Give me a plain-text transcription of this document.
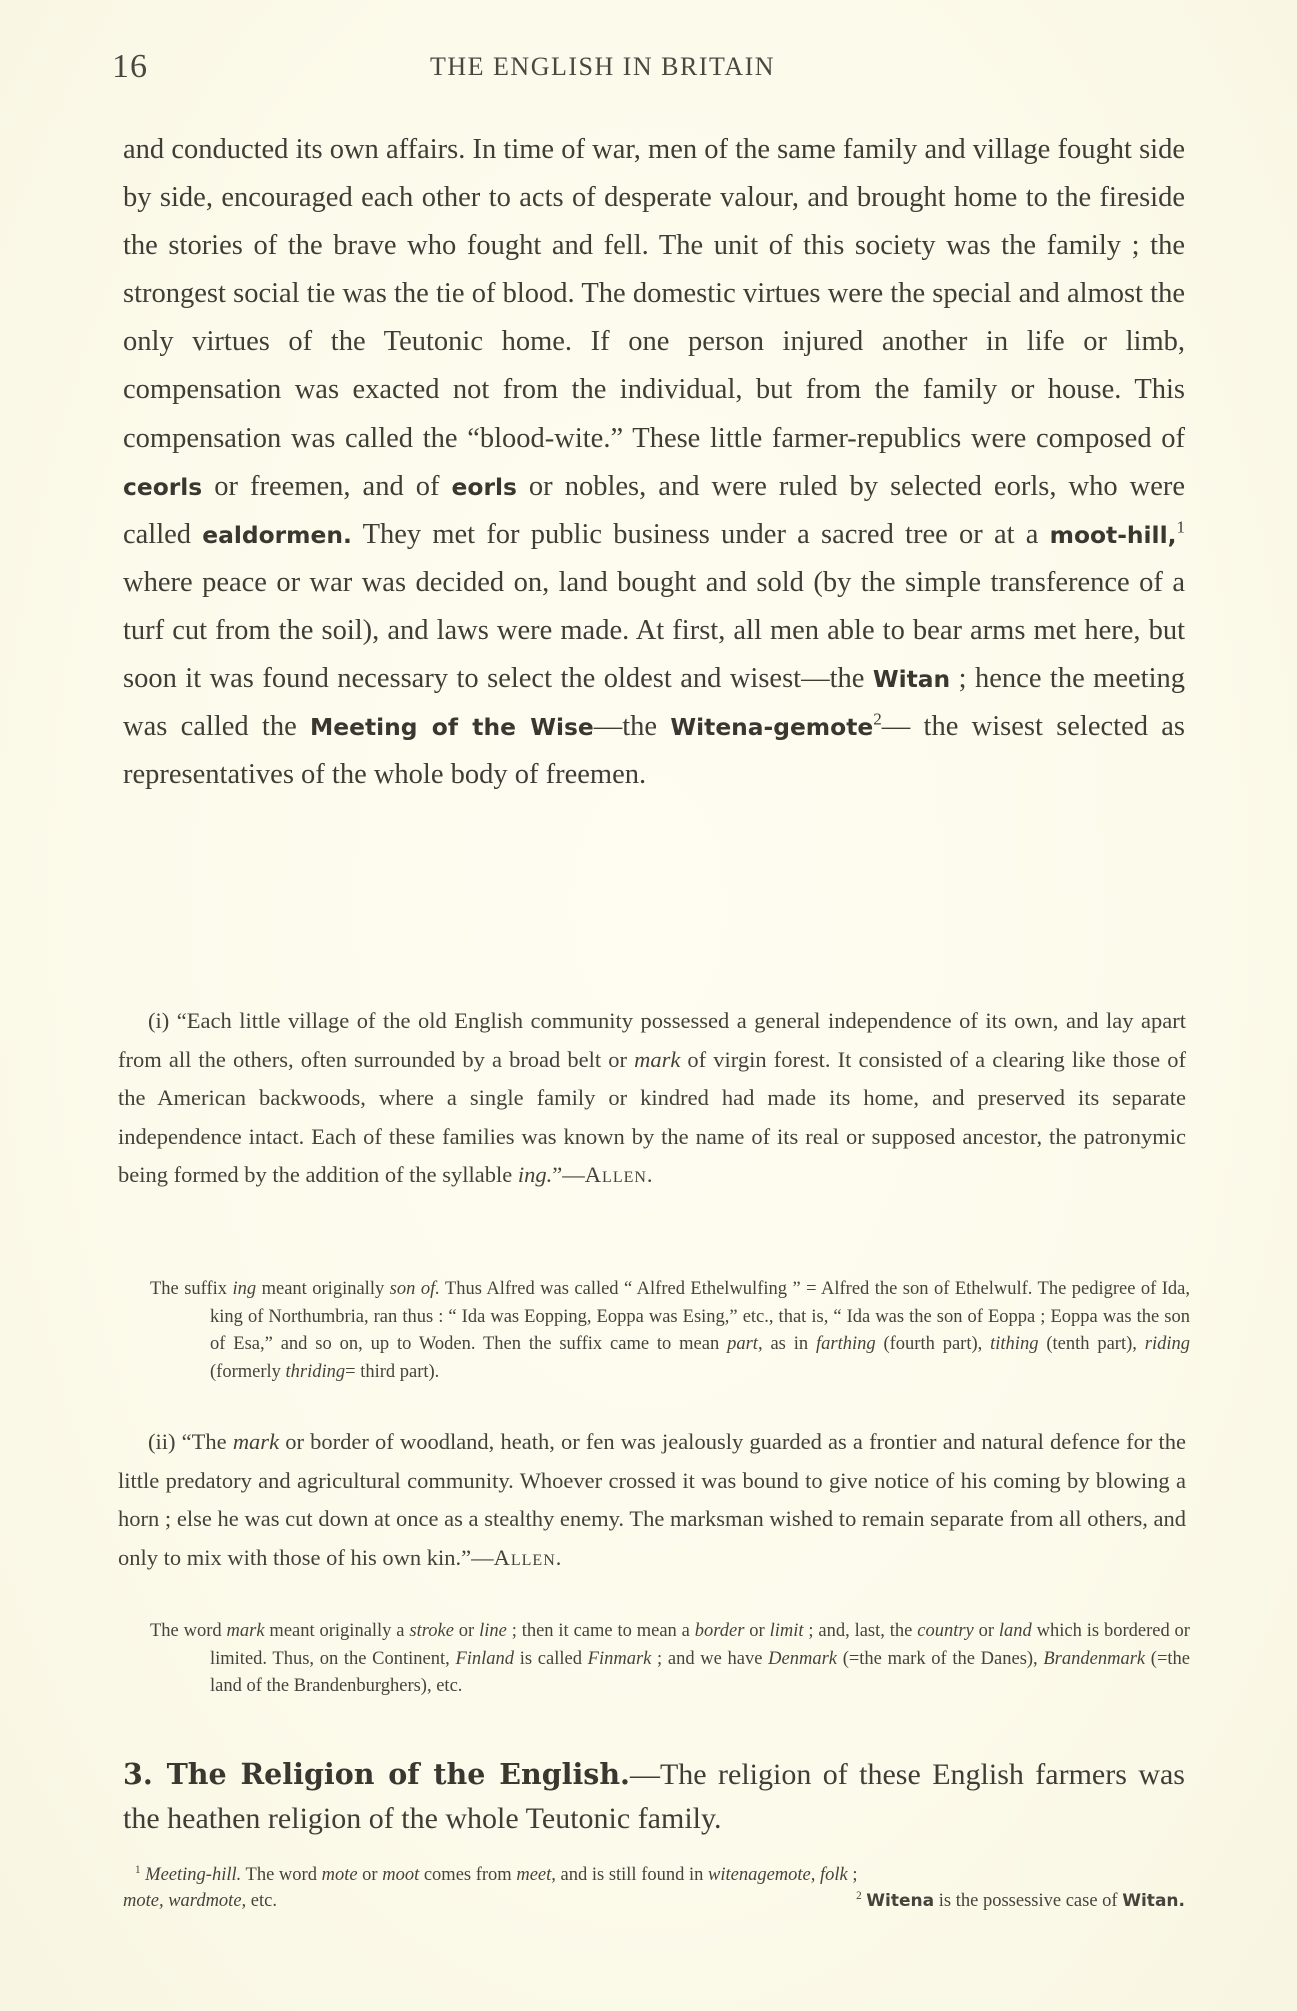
16	THE ENGLISH IN BRITAIN

and conducted its own affairs. In time of war, men of the same family and village fought side by side, encouraged each other to acts of desperate valour, and brought home to the fireside the stories of the brave who fought and fell. The unit of this society was the family ; the strongest social tie was the tie of blood. The domestic virtues were the special and almost the only virtues of the Teutonic home. If one person injured another in life or limb, compensation was exacted not from the individual, but from the family or house. This compensation was called the “blood-wite.” These little farmer-republics were composed of ceorls or freemen, and of eorls or nobles, and were ruled by selected eorls, who were called ealdormen. They met for public business under a sacred tree or at a moot-hill,$^1$ where peace or war was decided on, land bought and sold (by the simple transference of a turf cut from the soil), and laws were made. At first, all men able to bear arms met here, but soon it was found necessary to select the oldest and wisest—the Witan ; hence the meeting was called the Meeting of the Wise—the Witena-gemote$^2$— the wisest selected as representatives of the whole body of freemen.

(i) “Each little village of the old English community possessed a general independence of its own, and lay apart from all the others, often surrounded by a broad belt or mark of virgin forest. It consisted of a clearing like those of the American backwoods, where a single family or kindred had made its home, and preserved its separate independence intact. Each of these families was known by the name of its real or supposed ancestor, the patronymic being formed by the addition of the syllable ing.”—Allen.

The suffix ing meant originally son of. Thus Alfred was called “ Alfred Ethelwulfing ” = Alfred the son of Ethelwulf. The pedigree of Ida, king of Northumbria, ran thus : “ Ida was Eopping, Eoppa was Esing,” etc., that is, “ Ida was the son of Eoppa ; Eoppa was the son of Esa,” and so on, up to Woden. Then the suffix came to mean part, as in farthing (fourth part), tithing (tenth part), riding (formerly thriding= third part).

(ii) “The mark or border of woodland, heath, or fen was jealously guarded as a frontier and natural defence for the little predatory and agricultural community. Whoever crossed it was bound to give notice of his coming by blowing a horn ; else he was cut down at once as a stealthy enemy. The marksman wished to remain separate from all others, and only to mix with those of his own kin.”—Allen.

The word mark meant originally a stroke or line ; then it came to mean a border or limit ; and, last, the country or land which is bordered or limited. Thus, on the Continent, Finland is called Finmark ; and we have Denmark (=the mark of the Danes), Brandenmark (=the land of the Brandenburghers), etc.
3. The Religion of the English.—The religion of these English farmers was the heathen religion of the whole Teutonic family.
$^1$ Meeting-hill. The word mote or moot comes from meet, and is still found in witenagemote, folk ;
mote, wardmote, etc.	$^2$ Witena is the possessive case of Witan.
